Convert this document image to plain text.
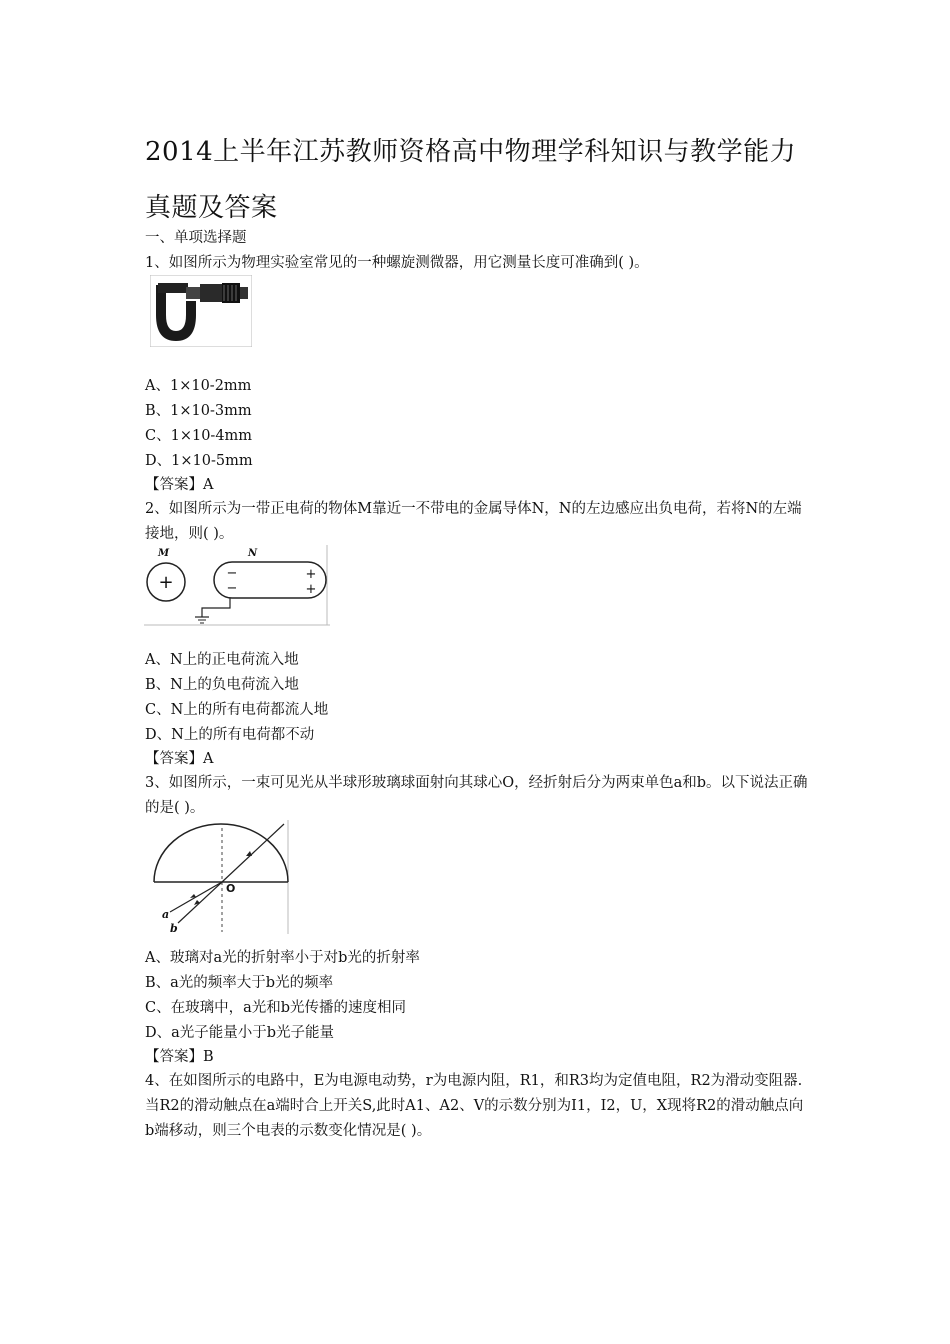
2014上半年江苏教师资格高中物理学科知识与教学能力真题及答案
一、单项选择题
1、如图所示为物理实验室常见的一种螺旋测微器，用它测量长度可准确到( )。
A、1×10-2mm
B、1×10-3mm
C、1×10-4mm
D、1×10-5mm
【答案】A
2、如图所示为一带正电荷的物体M靠近一不带电的金属导体N，N的左边感应出负电荷，若将N的左端接地，则( )。
M	N
+	−
−
+
+
A、N上的正电荷流入地
B、N上的负电荷流入地
C、N上的所有电荷都流人地
D、N上的所有电荷都不动
【答案】A
3、如图所示，一束可见光从半球形玻璃球面射向其球心O，经折射后分为两束单色a和b。以下说法正确的是( )。
O
a
b
A、玻璃对a光的折射率小于对b光的折射率
B、a光的频率大于b光的频率
C、在玻璃中，a光和b光传播的速度相同
D、a光子能量小于b光子能量
【答案】B
4、在如图所示的电路中，E为电源电动势，r为电源内阻，R1，和R3均为定值电阻，R2为滑动变阻器.当R2的滑动触点在a端时合上开关S,此时A1、A2、V的示数分别为I1，I2，U，X现将R2的滑动触点向b端移动，则三个电表的示数变化情况是( )。
